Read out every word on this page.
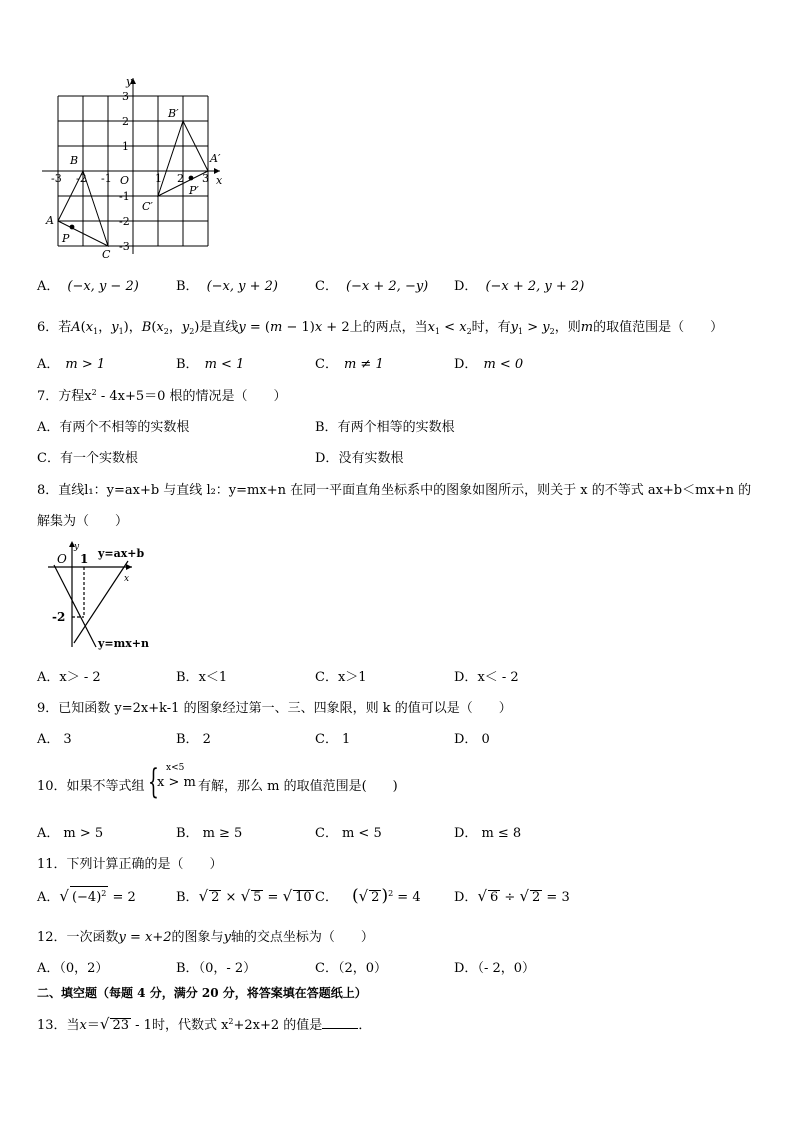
y
x
-3 -2 -1 O 1 2 3
3
2
1
-1
-2
-3
A
B
C
P
A′
B′
C′
P′
A． (−x, y − 2)	B． (−x, y + 2)	C． (−x + 2, −y) D． (−x + 2, y + 2)
6．若$A(x_1$，$y_1$)，$B(x_2$，$y_2$)是直线y = (m − 1)x + 2上的两点，当$x_1 < x_2$时，有$y_1 > y_2$，则m的取值范围是（　　）
A． m > 1	B． m < 1	C． m ≠ 1	D． m < 0
7．方程$x^2 - 4x+5=0$ 根的情况是（　　）
A．有两个不相等的实数根	B．有两个相等的实数根
C．有一个实数根	D．没有实数根
8．直线l₁：y=ax+b 与直线 l₂：y=mx+n 在同一平面直角坐标系中的图象如图所示，则关于 x 的不等式 ax+b＜mx+n 的
解集为（　　）
O 1
y
x
-2
y=ax+b
y=mx+n
A．x＞ - 2	B．x＜1	C．x＞1	D．x＜ - 2
9．已知函数 y=2x+k-1 的图象经过第一、三、四象限，则 k 的值可以是（　　）
A． 3	B． 2	C． 1	D． 0
10．如果不等式组 { x<5
x > m 有解，那么 m 的取值范围是(　　)
A． m > 5	B． m ≥ 5	C． m < 5	D． m ≤ 8
11．下列计算正确的是（　　）
A．√ $(-4)^2 = 2$	B．√ 2 × √ 5 = √ 10 C． (√ 2 )$^2$ = 4	D．√ 6 ÷ √ 2 = 3
12．一次函数y = x+2的图象与y轴的交点坐标为（　　）
A．（0，2）	B．（0，- 2）	C．（2，0）	D．（- 2，0）
二、填空题（每题 4 分，满分 20 分，将答案填在答题纸上）
13．当x＝√ 23 - 1时，代数式 $x^2+2x+2$ 的值是	．
